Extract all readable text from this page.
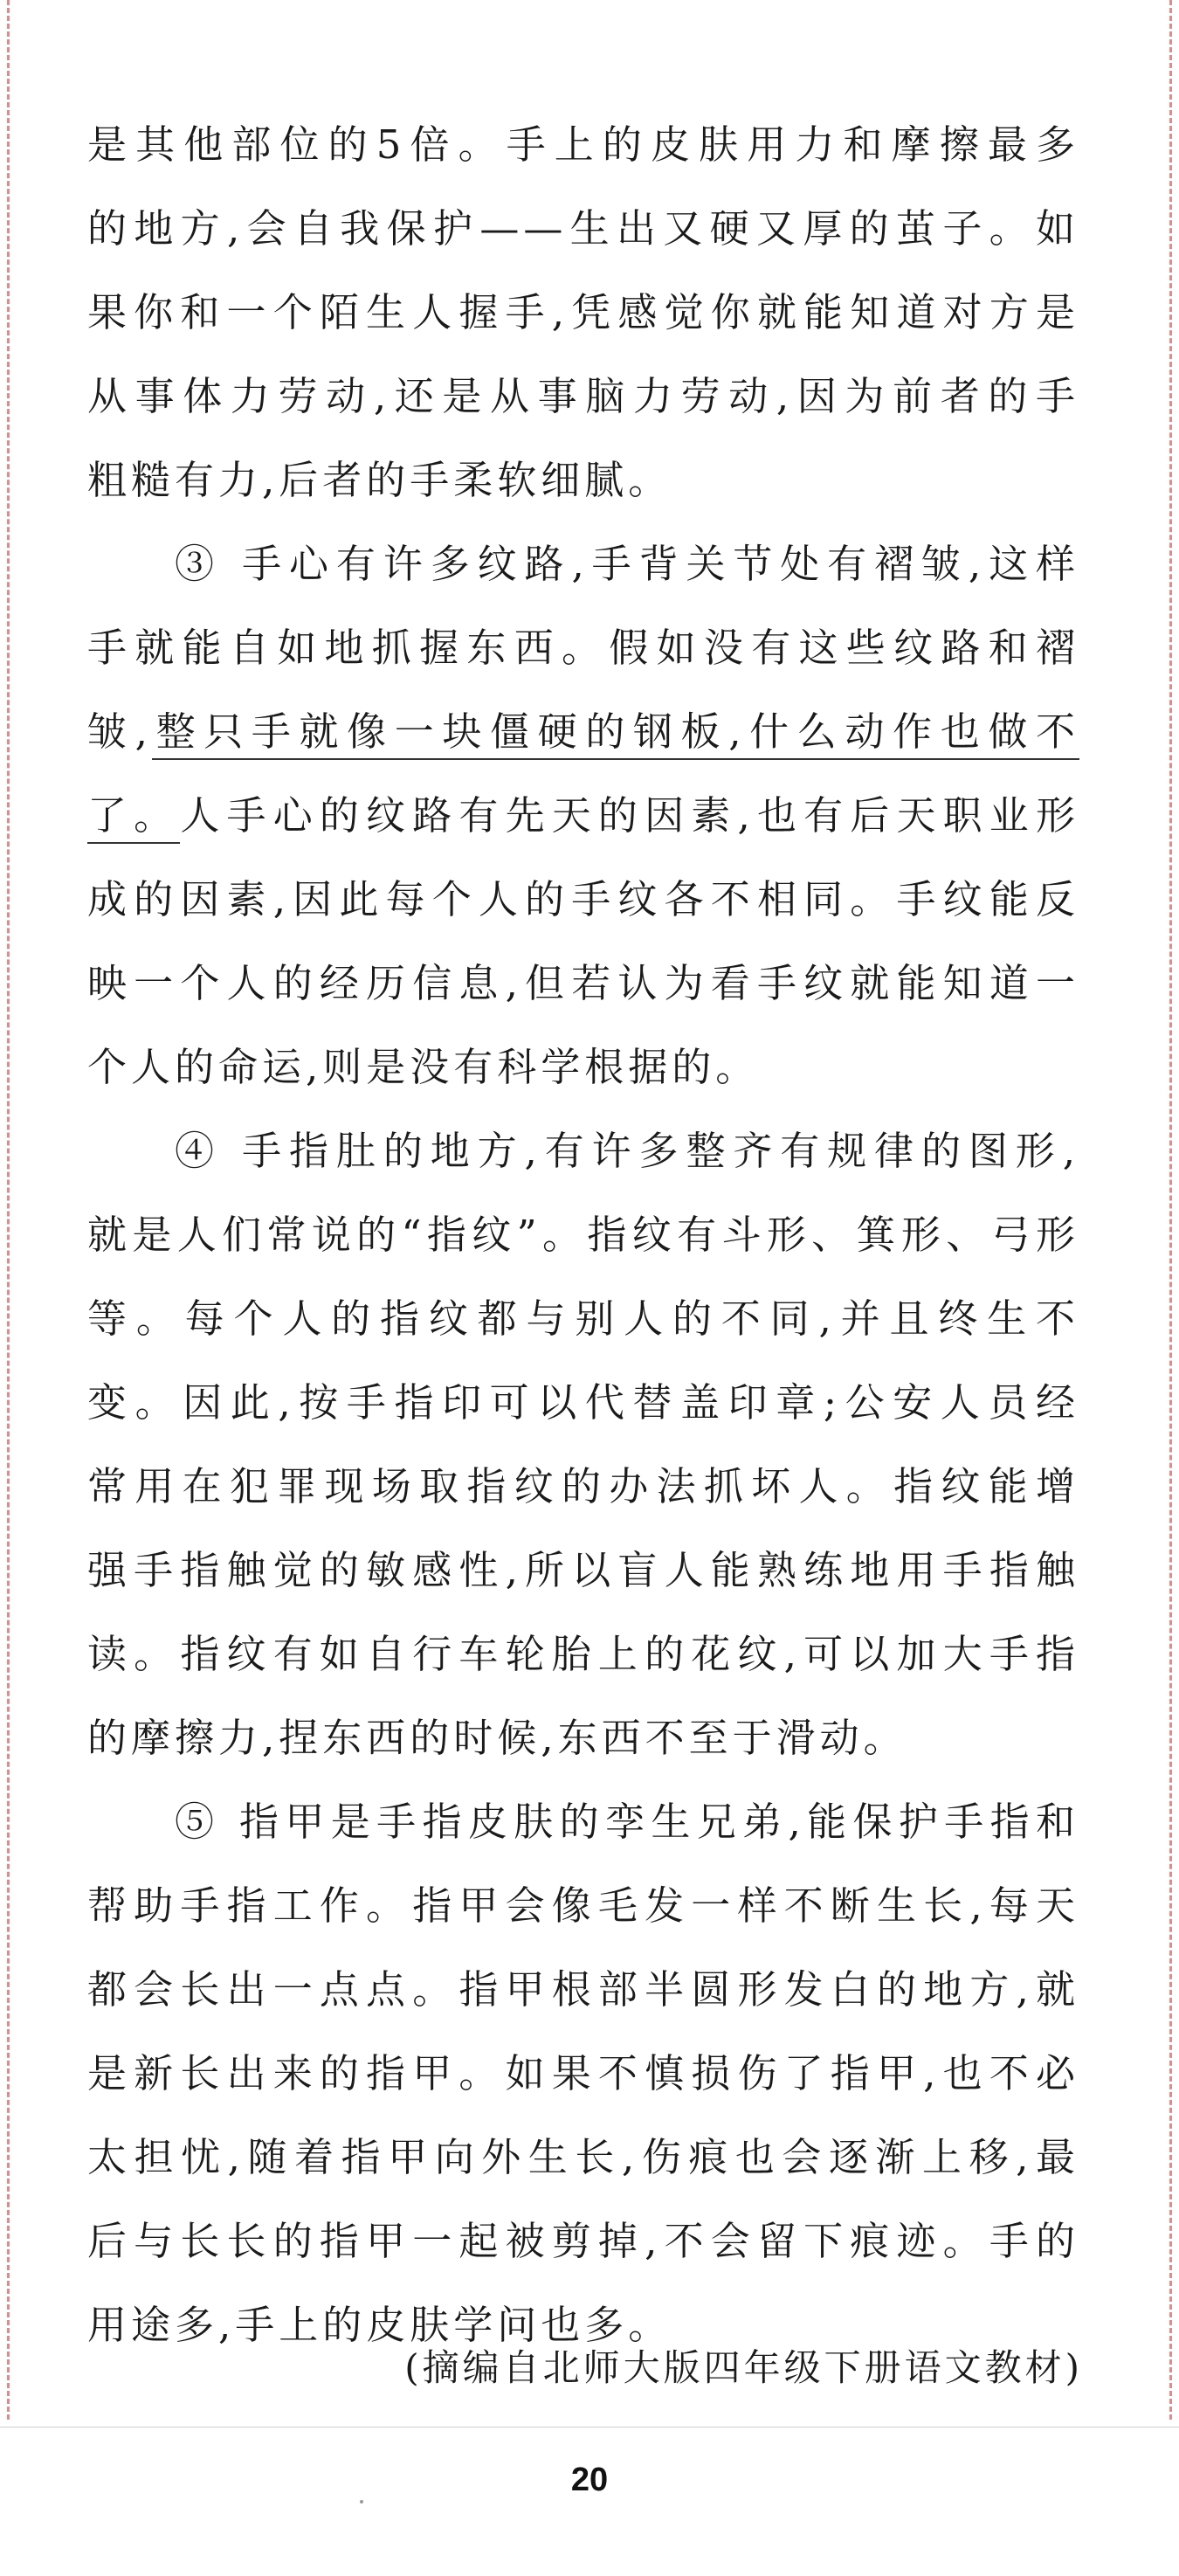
是其他部位的5倍。手上的皮肤用力和摩擦最多
的地方,会自我保护——生出又硬又厚的茧子。如
果你和一个陌生人握手,凭感觉你就能知道对方是
从事体力劳动,还是从事脑力劳动,因为前者的手
粗糙有力,后者的手柔软细腻。
③ 手心有许多纹路,手背关节处有褶皱,这样
手就能自如地抓握东西。假如没有这些纹路和褶
皱,整只手就像一块僵硬的钢板,什么动作也做不
了。人手心的纹路有先天的因素,也有后天职业形
成的因素,因此每个人的手纹各不相同。手纹能反
映一个人的经历信息,但若认为看手纹就能知道一
个人的命运,则是没有科学根据的。
④ 手指肚的地方,有许多整齐有规律的图形,
就是人们常说的“指纹”。指纹有斗形、箕形、弓形
等。每个人的指纹都与别人的不同,并且终生不
变。因此,按手指印可以代替盖印章;公安人员经
常用在犯罪现场取指纹的办法抓坏人。指纹能增
强手指触觉的敏感性,所以盲人能熟练地用手指触
读。指纹有如自行车轮胎上的花纹,可以加大手指
的摩擦力,捏东西的时候,东西不至于滑动。
⑤ 指甲是手指皮肤的孪生兄弟,能保护手指和
帮助手指工作。指甲会像毛发一样不断生长,每天
都会长出一点点。指甲根部半圆形发白的地方,就
是新长出来的指甲。如果不慎损伤了指甲,也不必
太担忧,随着指甲向外生长,伤痕也会逐渐上移,最
后与长长的指甲一起被剪掉,不会留下痕迹。手的
用途多,手上的皮肤学问也多。
(摘编自北师大版四年级下册语文教材)
20
